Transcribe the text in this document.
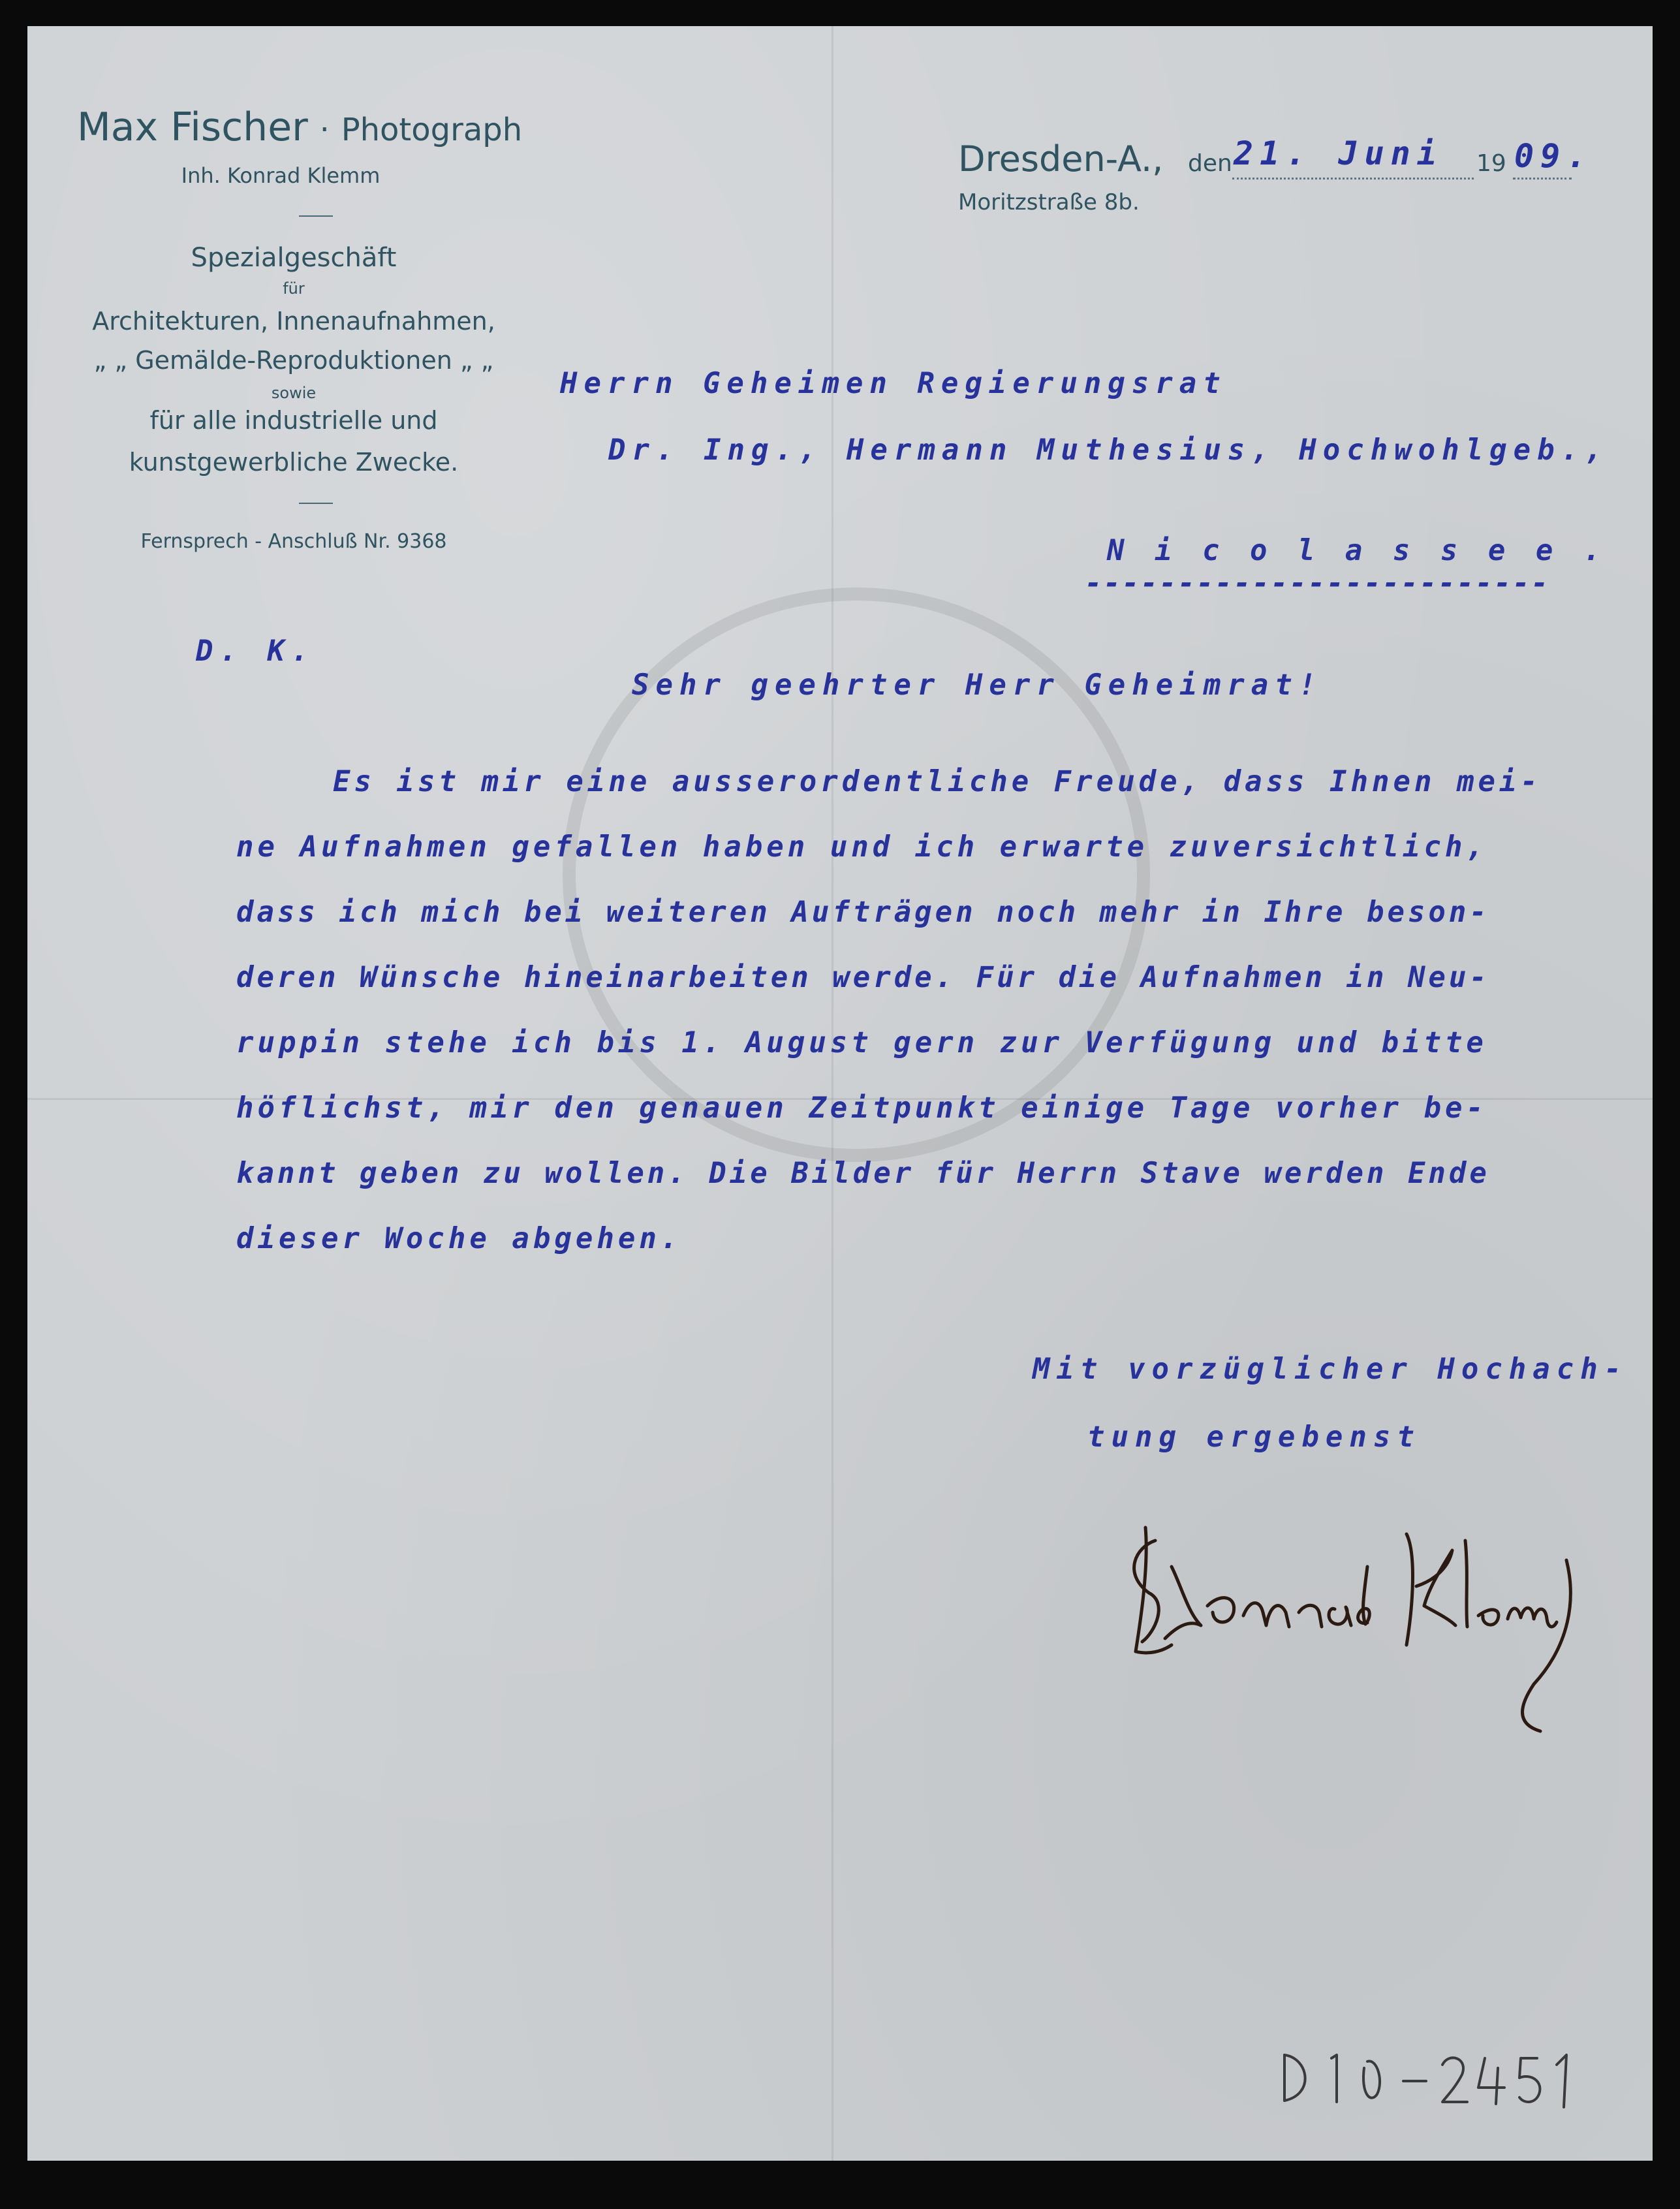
Max Fischer · Photograph
Inh. Konrad Klemm
Spezialgeschäft
für
Architekturen, Innenaufnahmen,
„ „ Gemälde-Reproduktionen „ „
sowie
für alle industrielle und
kunstgewerbliche Zwecke.
Fernsprech - Anschluß Nr. 9368
Dresden-A.,	den	19
Moritzstraße 8b.
21. Juni 09.
Herrn Geheimen Regierungsrat
Dr. Ing., Hermann Muthesius, Hochwohlgeb.,
N i c o l a s s e e .
-------------------------
D. K.
Sehr geehrter Herr Geheimrat!
Es ist mir eine ausserordentliche Freude, dass Ihnen mei-
ne Aufnahmen gefallen haben und ich erwarte zuversichtlich,
dass ich mich bei weiteren Aufträgen noch mehr in Ihre beson-
deren Wünsche hineinarbeiten werde. Für die Aufnahmen in Neu-
ruppin stehe ich bis 1. August gern zur Verfügung und bitte
höflichst, mir den genauen Zeitpunkt einige Tage vorher be-
kannt geben zu wollen. Die Bilder für Herrn Stave werden Ende
dieser Woche abgehen.
Mit vorzüglicher Hochach-
tung ergebenst
Konrad Klemm
D 1 0 - 2451
